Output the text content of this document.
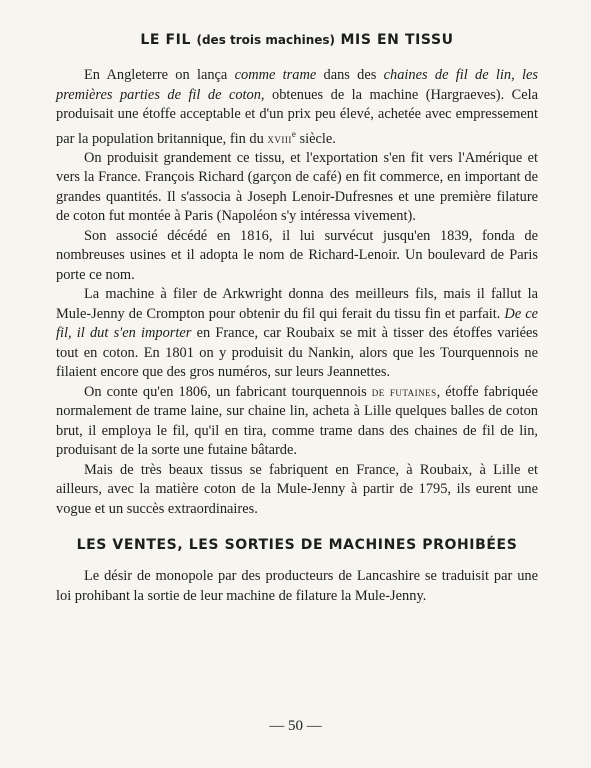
LE FIL (des trois machines) MIS EN TISSU

En Angleterre on lança comme trame dans des chaines de fil de lin, les premières parties de fil de coton, obtenues de la machine (Hargraeves). Cela produisait une étoffe acceptable et d'un prix peu élevé, achetée avec empressement par la population britannique, fin du xviii$^e$ siècle.

On produisit grandement ce tissu, et l'exportation s'en fit vers l'Amérique et vers la France. François Richard (garçon de café) en fit commerce, en important de grandes quantités. Il s'associa à Joseph Lenoir-Dufresnes et une première filature de coton fut montée à Paris (Napoléon s'y intéressa vivement).

Son associé décédé en 1816, il lui survécut jusqu'en 1839, fonda de nombreuses usines et il adopta le nom de Richard-Lenoir. Un boulevard de Paris porte ce nom.

La machine à filer de Arkwright donna des meilleurs fils, mais il fallut la Mule-Jenny de Crompton pour obtenir du fil qui ferait du tissu fin et parfait. De ce fil, il dut s'en importer en France, car Roubaix se mit à tisser des étoffes variées tout en coton. En 1801 on y produisit du Nankin, alors que les Tourquennois ne filaient encore que des gros numéros, sur leurs Jeannettes.

On conte qu'en 1806, un fabricant tourquennois de futaines, étoffe fabriquée normalement de trame laine, sur chaine lin, acheta à Lille quelques balles de coton brut, il employa le fil, qu'il en tira, comme trame dans des chaines de fil de lin, produisant de la sorte une futaine bâtarde.

Mais de très beaux tissus se fabriquent en France, à Roubaix, à Lille et ailleurs, avec la matière coton de la Mule-Jenny à partir de 1795, ils eurent une vogue et un succès extraordinaires.

LES VENTES, LES SORTIES DE MACHINES PROHIBÉES

Le désir de monopole par des producteurs de Lancashire se traduisit par une loi prohibant la sortie de leur machine de filature la Mule-Jenny.

— 50 —
